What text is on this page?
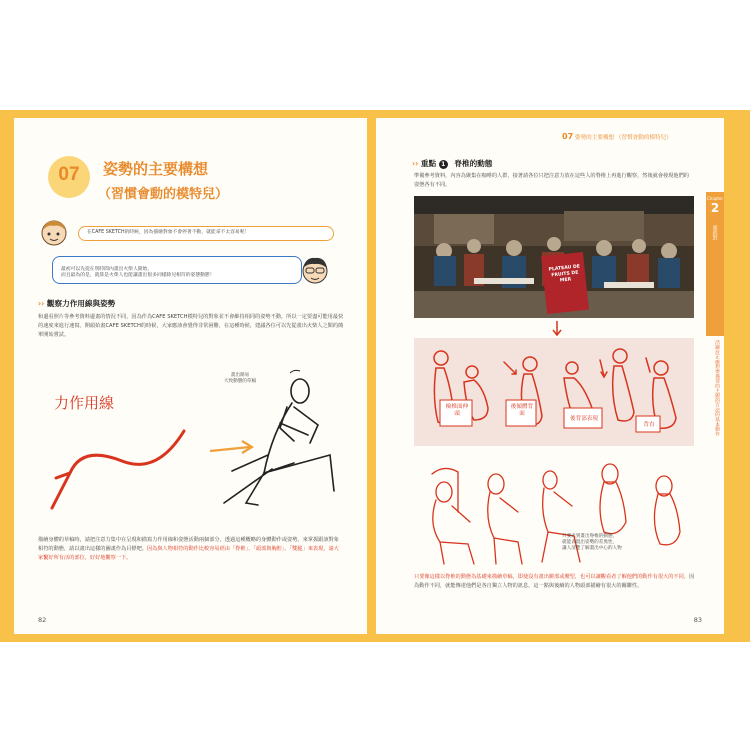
07	姿勢的主要構想
（習慣會動的模特兒）
在CAFE SKETCH的時候，因為描繪對象不會停著不動，就能拿不太容易呢！

最初可以先從在別時間內畫出火柴人開始，
而且最為的是，就算是火柴人也能讓畫出很多同樣除兒相符的姿態動態！

›› 觀察力作用線與姿勢
和邊看照片等參考資料邊畫的情況不同，因為作為CAFE SKETCH模特兒的對象並不會維持相同的姿勢不動，所以一定要盡可能用最快的速度來進行速寫。開頭始畫CAFE SKETCH的時候，大家應該會覺得非常困難，在這種時候，建議各位可以先從畫出火柴人之類的簡單開始嘗試。
力作用線
畫出簡易
大致動態的草稿
描繪身體的草稿時，請把注意力集中在呈現和描寫力作用線和姿態活動兩個部分，透過這種概略的身體動作或姿勢，來掌握跟該對象相符的動態，請以畫出這樣的圖畫作為目標吧。因為與人物相符的動作比較容易經由「脊椎」、「頭部與胸腔」、「雙腿」來表現，請大家繫好所有活的部位，好好地觀察一下。
82
07 姿勢的主要構想 （習慣會動的模特兒）
Chapter
2
畫就對
活躍於正確想要描述的主題的方法的基本動作
›› 重點 1 脊椎的動態
準備參考資料，內容為聚集在咖啡的人群，接著請各位只把注意力放在這些人的脊椎上再進行觀察，然後就會發現他們的姿態各有不同。
PLATEAU DE FRUITS DE MER
檢椎面伸頭
後傾體背面
後背部表現
背直
只要光到畫出脊椎的動態，
就能表現出姿勢的差異性，
讓人清楚了解畫出中心的人物
只要像這樣以脊椎的動態為基礎來描繪草稿，即使沒有畫出臉部或腰型，也可以讓觀看者了解他們的動作有很大的不同。因為動作不同，就能傳達他們是各自獨立人物的訊息，這一點與後續的人物頭部描繪有很大的關聯性。
83
